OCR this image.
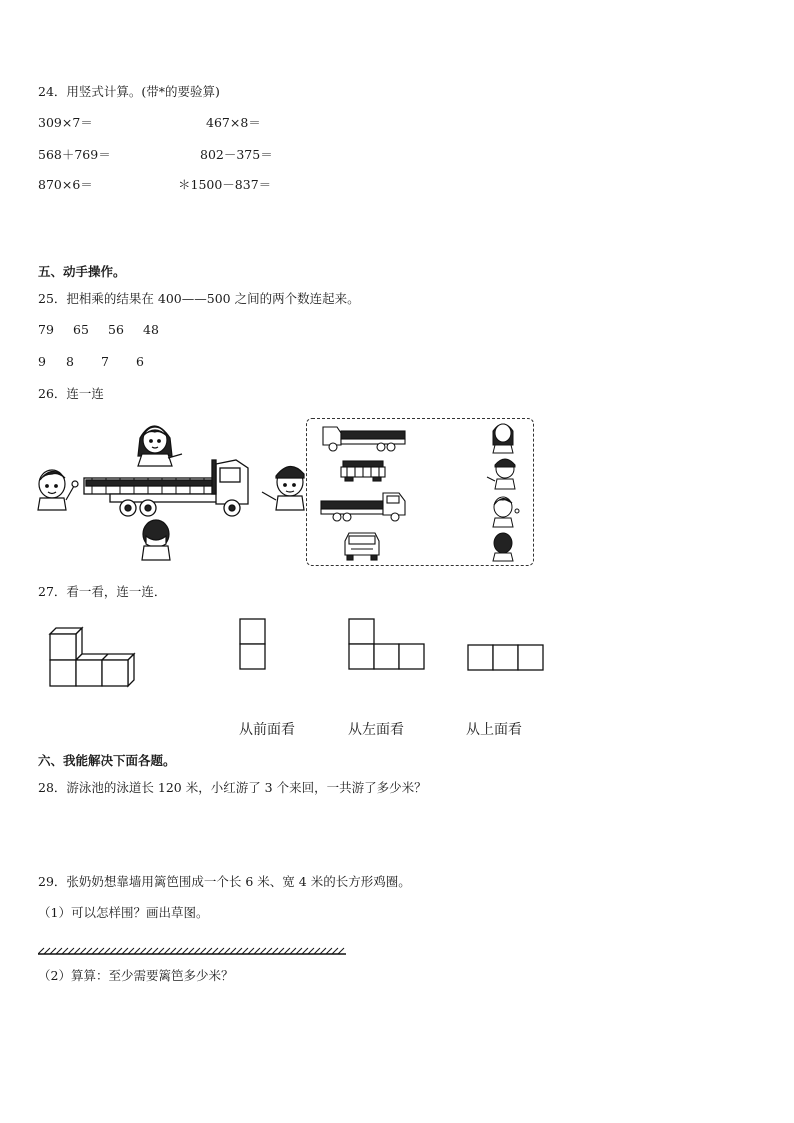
24．用竖式计算。(带*的要验算)
309×7＝	467×8＝
568＋769＝	802－375＝
870×6＝	＊1500－837＝
五、动手操作。
25．把相乘的结果在 400——500 之间的两个数连起来。
79 65 56 48
9 8 7 6
26．连一连
27．看一看，连一连．
从前面看	从左面看	从上面看
六、我能解决下面各题。
28．游泳池的泳道长 120 米，小红游了 3 个来回，一共游了多少米？
29．张奶奶想靠墙用篱笆围成一个长 6 米、宽 4 米的长方形鸡圈。
（1）可以怎样围？画出草图。
（2）算算：至少需要篱笆多少米？
